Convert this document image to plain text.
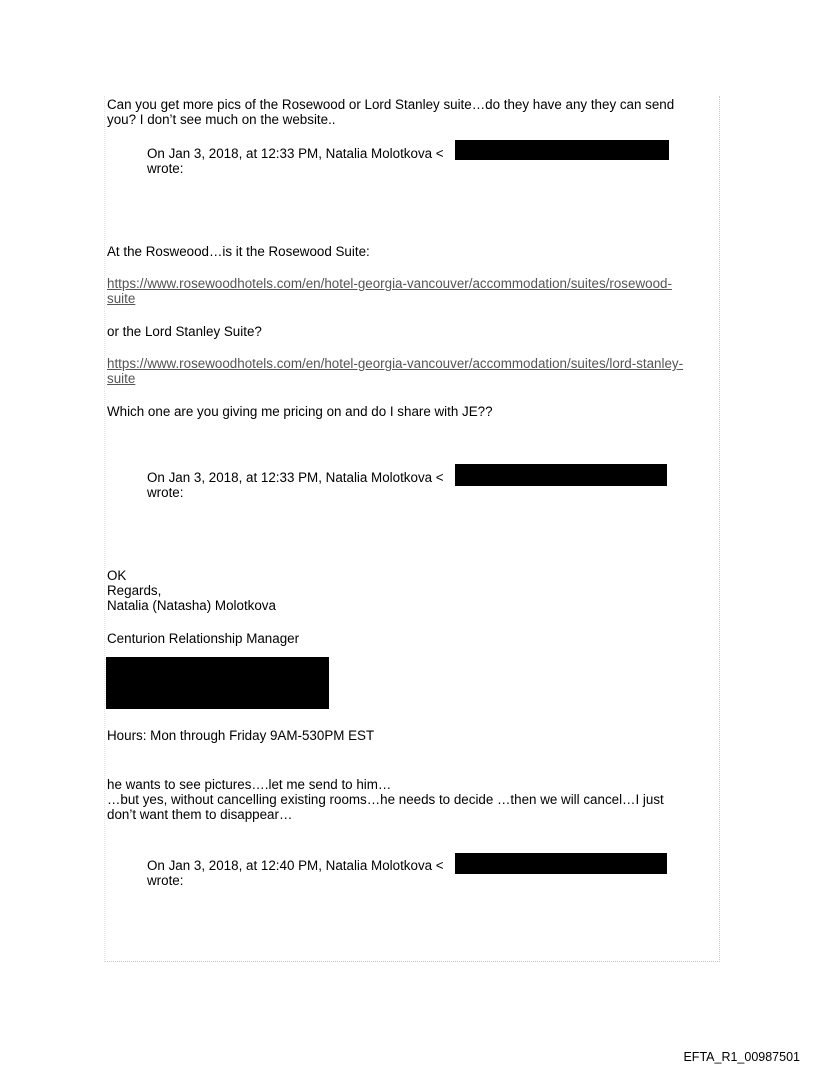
Can you get more pics of the Rosewood or Lord Stanley suite…do they have any they can send
you? I don’t see much on the website..
On Jan 3, 2018, at 12:33 PM, Natalia Molotkova <
wrote:
At the Rosweood…is it the Rosewood Suite:
https://www.rosewoodhotels.com/en/hotel-georgia-vancouver/accommodation/suites/rosewood-
suite
or the Lord Stanley Suite?
https://www.rosewoodhotels.com/en/hotel-georgia-vancouver/accommodation/suites/lord-stanley-
suite
Which one are you giving me pricing on and do I share with JE??
On Jan 3, 2018, at 12:33 PM, Natalia Molotkova <
wrote:
OK
Regards,
Natalia (Natasha) Molotkova
Centurion Relationship Manager
Hours: Mon through Friday 9AM-530PM EST
he wants to see pictures….let me send to him…
…but yes, without cancelling existing rooms…he needs to decide …then we will cancel…I just
don’t want them to disappear…
On Jan 3, 2018, at 12:40 PM, Natalia Molotkova <
wrote:
EFTA_R1_00987501
